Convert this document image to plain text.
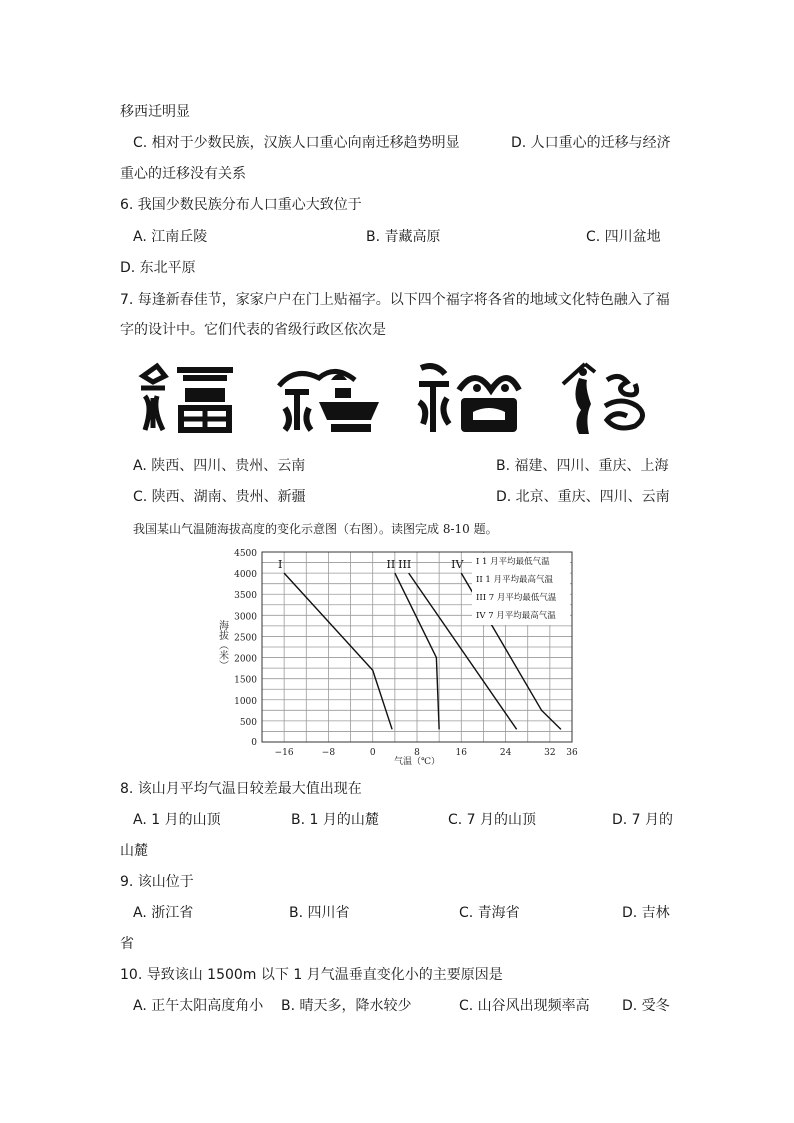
移西迁明显
C. 相对于少数民族，汉族人口重心向南迁移趋势明显	D. 人口重心的迁移与经济
重心的迁移没有关系
6. 我国少数民族分布人口重心大致位于
A. 江南丘陵	B. 青藏高原	C. 四川盆地
D. 东北平原
7. 每逢新春佳节，家家户户在门上贴福字。以下四个福字将各省的地域文化特色融入了福
字的设计中。它们代表的省级行政区依次是
A. 陕西、四川、贵州、云南	B. 福建、四川、重庆、上海
C. 陕西、湖南、贵州、新疆	D. 北京、重庆、四川、云南
我国某山气温随海拔高度的变化示意图（右图）。读图完成 8-10 题。
500
1000
1500
2000
2500
3000
3500
4000
4500
0
−16	−8	0	8	16	24	32 36
I	II III	IV I 1 月平均最低气温
II 1 月平均最高气温
III 7 月平均最低气温
IV 7 月平均最高气温
气温（℃）
海拔（米）
8. 该山月平均气温日较差最大值出现在
A. 1 月的山顶	B. 1 月的山麓	C. 7 月的山顶	D. 7 月的
山麓
9. 该山位于
A. 浙江省	B. 四川省	C. 青海省	D. 吉林
省
10. 导致该山 1500m 以下 1 月气温垂直变化小的主要原因是
A. 正午太阳高度角小 B. 晴天多，降水较少	C. 山谷风出现频率高 D. 受冬
